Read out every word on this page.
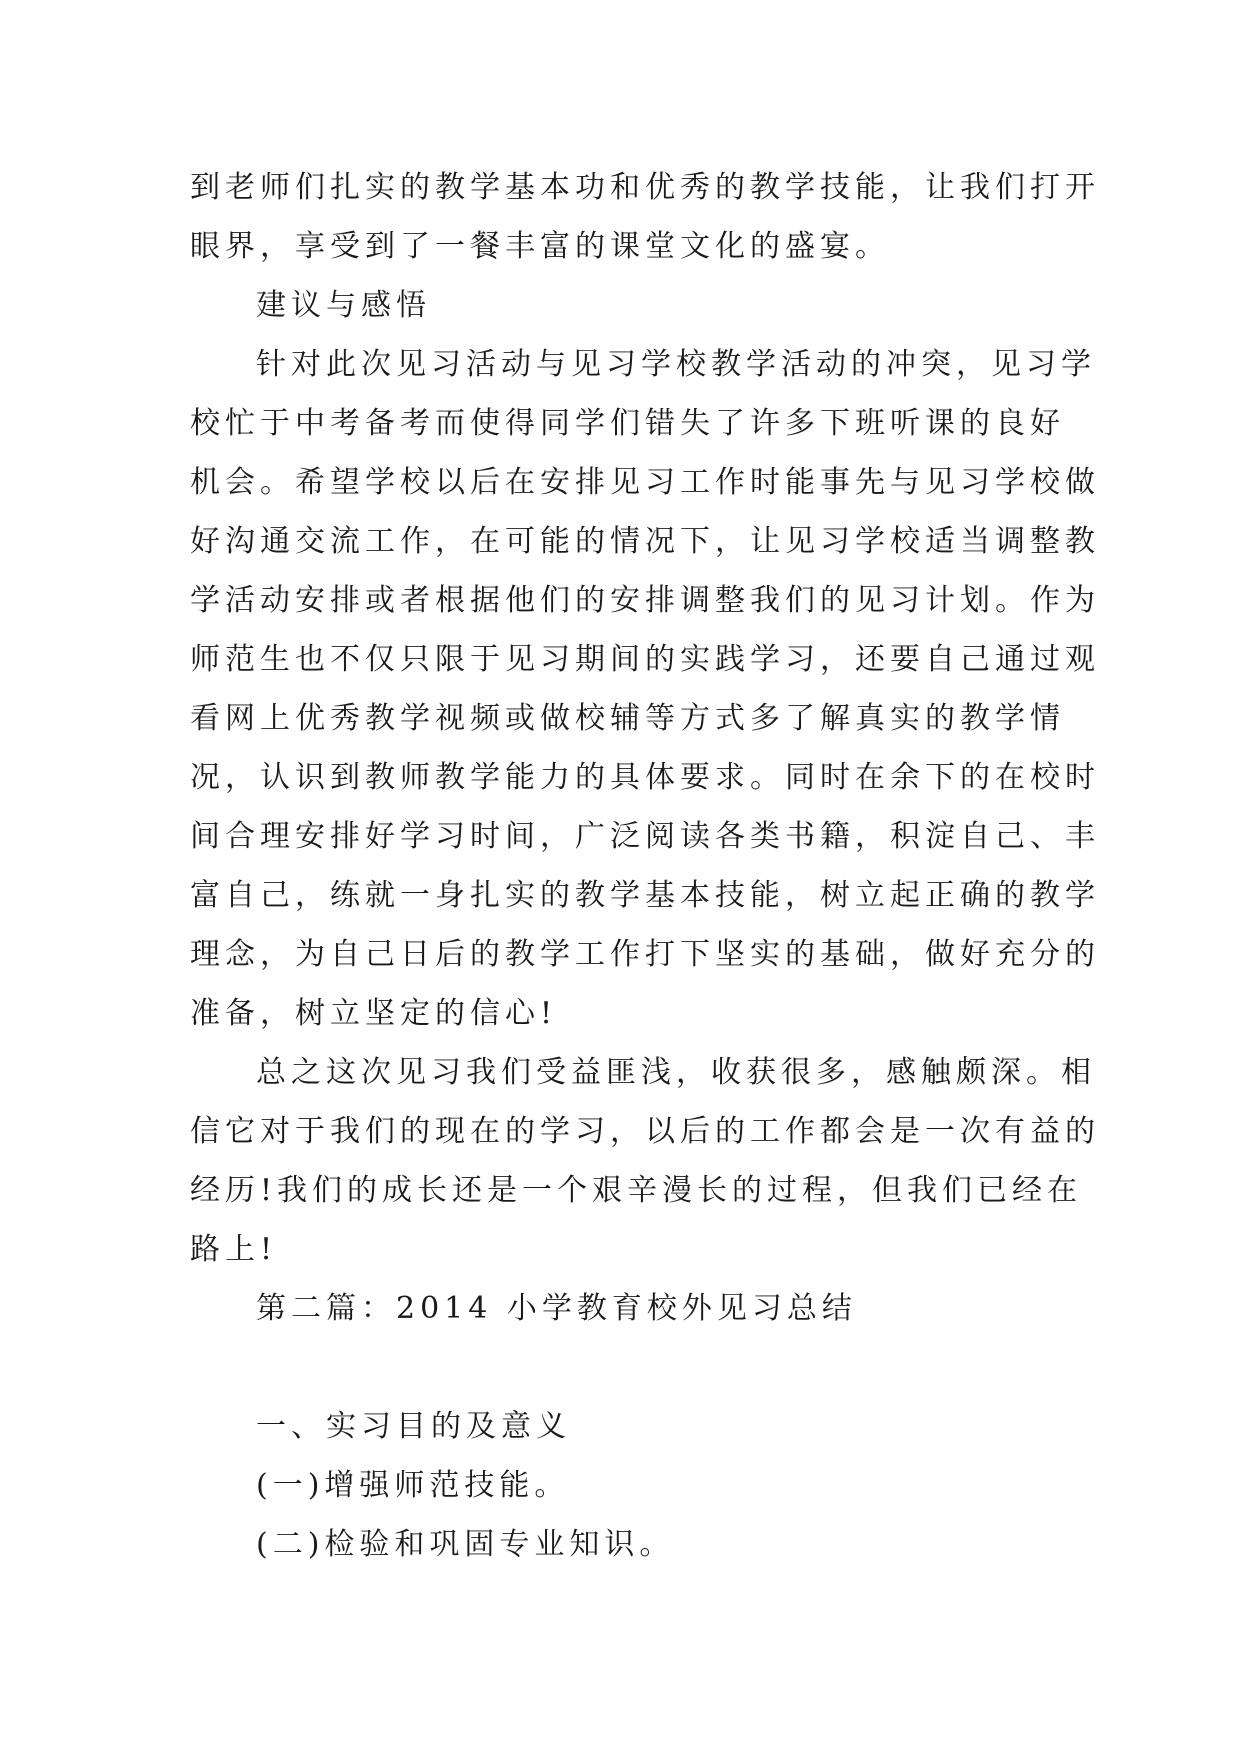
到老师们扎实的教学基本功和优秀的教学技能，让我们打开
眼界，享受到了一餐丰富的课堂文化的盛宴。
建议与感悟
针对此次见习活动与见习学校教学活动的冲突，见习学
校忙于中考备考而使得同学们错失了许多下班听课的良好
机会。希望学校以后在安排见习工作时能事先与见习学校做
好沟通交流工作，在可能的情况下，让见习学校适当调整教
学活动安排或者根据他们的安排调整我们的见习计划。作为
师范生也不仅只限于见习期间的实践学习，还要自己通过观
看网上优秀教学视频或做校辅等方式多了解真实的教学情
况，认识到教师教学能力的具体要求。同时在余下的在校时
间合理安排好学习时间，广泛阅读各类书籍，积淀自己、丰
富自己，练就一身扎实的教学基本技能，树立起正确的教学
理念，为自己日后的教学工作打下坚实的基础，做好充分的
准备，树立坚定的信心!
总之这次见习我们受益匪浅，收获很多，感触颇深。相
信它对于我们的现在的学习，以后的工作都会是一次有益的
经历!我们的成长还是一个艰辛漫长的过程，但我们已经在
路上!
第二篇：2014 小学教育校外见习总结
一、实习目的及意义
(一)增强师范技能。
(二)检验和巩固专业知识。
